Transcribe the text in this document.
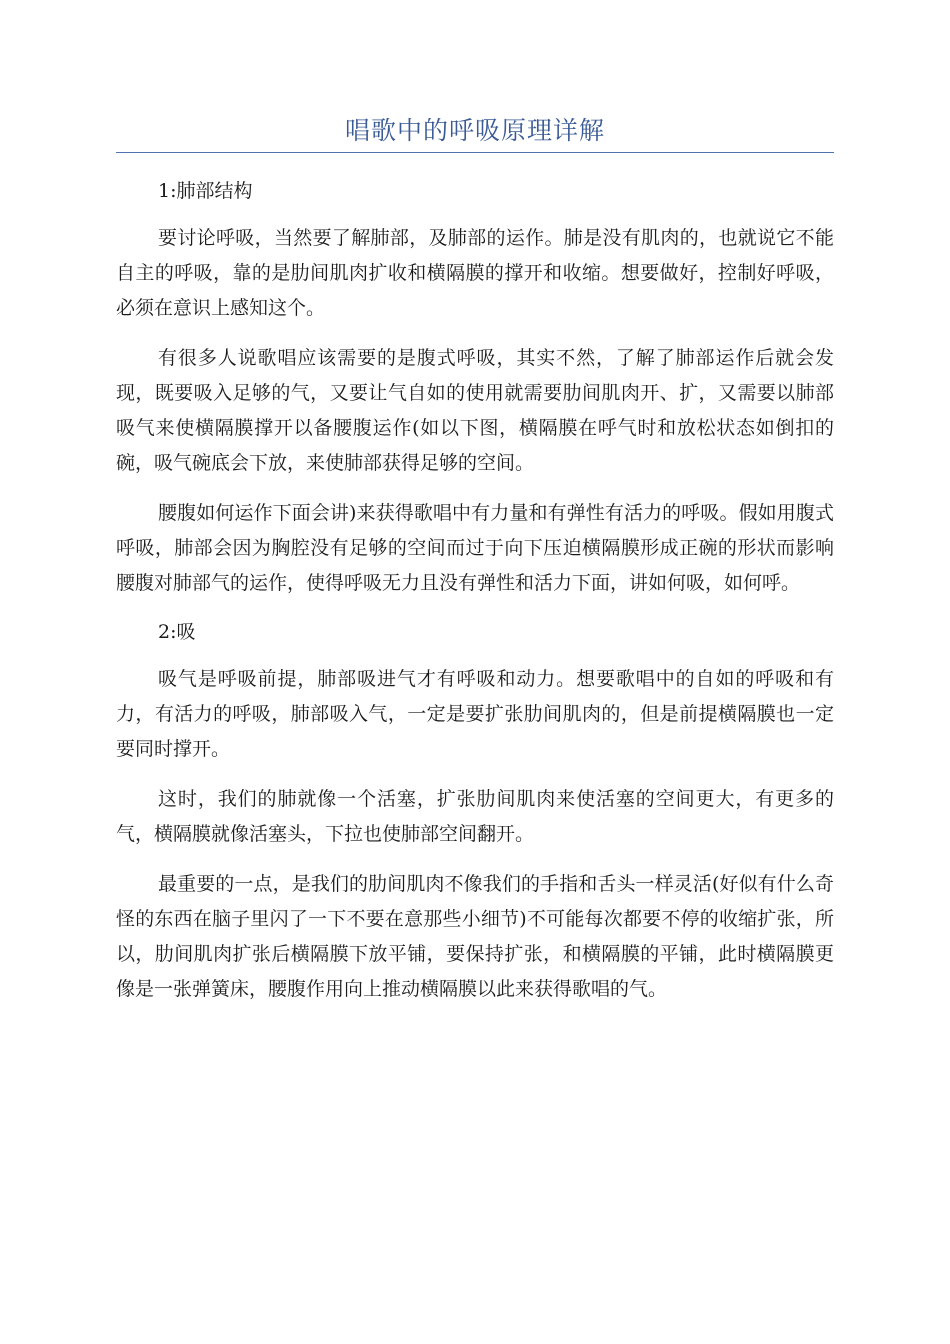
唱歌中的呼吸原理详解

1:肺部结构

要讨论呼吸，当然要了解肺部，及肺部的运作。肺是没有肌肉的，也就说它不能自主的呼吸，靠的是肋间肌肉扩收和横隔膜的撑开和收缩。想要做好，控制好呼吸，必须在意识上感知这个。

有很多人说歌唱应该需要的是腹式呼吸，其实不然，了解了肺部运作后就会发现，既要吸入足够的气，又要让气自如的使用就需要肋间肌肉开、扩，又需要以肺部吸气来使横隔膜撑开以备腰腹运作(如以下图，横隔膜在呼气时和放松状态如倒扣的碗，吸气碗底会下放，来使肺部获得足够的空间。

腰腹如何运作下面会讲)来获得歌唱中有力量和有弹性有活力的呼吸。假如用腹式呼吸，肺部会因为胸腔没有足够的空间而过于向下压迫横隔膜形成正碗的形状而影响腰腹对肺部气的运作，使得呼吸无力且没有弹性和活力下面，讲如何吸，如何呼。

2:吸

吸气是呼吸前提，肺部吸进气才有呼吸和动力。想要歌唱中的自如的呼吸和有力，有活力的呼吸，肺部吸入气，一定是要扩张肋间肌肉的，但是前提横隔膜也一定要同时撑开。

这时，我们的肺就像一个活塞，扩张肋间肌肉来使活塞的空间更大，有更多的气，横隔膜就像活塞头，下拉也使肺部空间翻开。

最重要的一点，是我们的肋间肌肉不像我们的手指和舌头一样灵活(好似有什么奇怪的东西在脑子里闪了一下不要在意那些小细节)不可能每次都要不停的收缩扩张，所以，肋间肌肉扩张后横隔膜下放平铺，要保持扩张，和横隔膜的平铺，此时横隔膜更像是一张弹簧床，腰腹作用向上推动横隔膜以此来获得歌唱的气。
